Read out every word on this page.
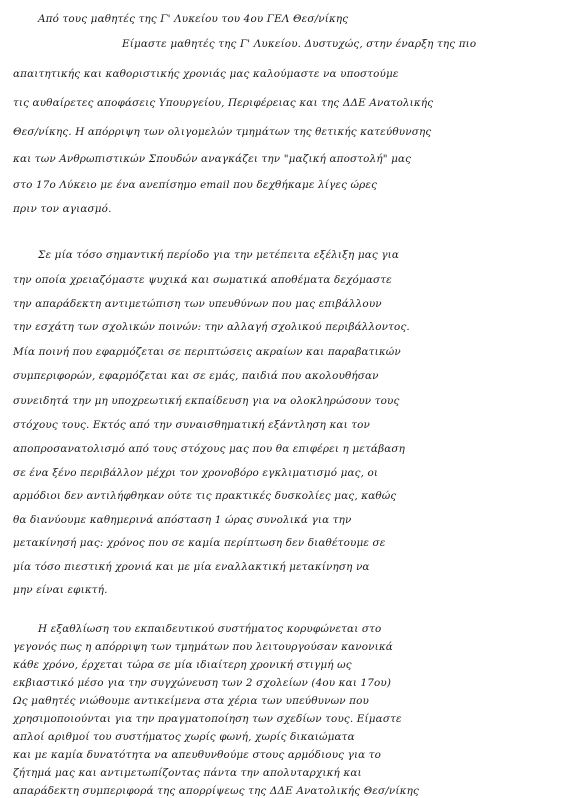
Από τους μαθητές της Γ' Λυκείου του 4ου ΓΕΛ Θεσ/νίκης
Είμαστε μαθητές της Γ' Λυκείου. Δυστυχώς, στην έναρξη της πιο
απαιτητικής και καθοριστικής χρονιάς μας καλούμαστε να υποστούμε
τις αυθαίρετες αποφάσεις Υπουργείου, Περιφέρειας και της ΔΔΕ Ανατολικής
Θεσ/νίκης. Η απόρριψη των ολιγομελών τμημάτων της θετικής κατεύθυνσης
και των Ανθρωπιστικών Σπουδών αναγκάζει την "μαζική αποστολή" μας
στο 17ο Λύκειο με ένα ανεπίσημο email που δεχθήκαμε λίγες ώρες
πριν τον αγιασμό.
Σε μία τόσο σημαντική περίοδο για την μετέπειτα εξέλιξη μας για
την οποία χρειαζόμαστε ψυχικά και σωματικά αποθέματα δεχόμαστε
την απαράδεκτη αντιμετώπιση των υπευθύνων που μας επιβάλλουν
την εσχάτη των σχολικών ποινών: την αλλαγή σχολικού περιβάλλοντος.
Μία ποινή που εφαρμόζεται σε περιπτώσεις ακραίων και παραβατικών
συμπεριφορών, εφαρμόζεται και σε εμάς, παιδιά που ακολουθήσαν
συνειδητά την μη υποχρεωτική εκπαίδευση για να ολοκληρώσουν τους
στόχους τους. Εκτός από την συναισθηματική εξάντληση και τον
αποπροσανατολισμό από τους στόχους μας που θα επιφέρει η μετάβαση
σε ένα ξένο περιβάλλον μέχρι τον χρονοβόρο εγκλιματισμό μας, οι
αρμόδιοι δεν αντιλήφθηκαν ούτε τις πρακτικές δυσκολίες μας, καθώς
θα διανύουμε καθημερινά απόσταση 1 ώρας συνολικά για την
μετακίνησή μας: χρόνος που σε καμία περίπτωση δεν διαθέτουμε σε
μία τόσο πιεστική χρονιά και με μία εναλλακτική μετακίνηση να
μην είναι εφικτή.
Η εξαθλίωση του εκπαιδευτικού συστήματος κορυφώνεται στο
γεγονός πως η απόρριψη των τμημάτων που λειτουργούσαν κανονικά
κάθε χρόνο, έρχεται τώρα σε μία ιδιαίτερη χρονική στιγμή ως
εκβιαστικό μέσο για την συγχώνευση των 2 σχολείων (4ου και 17ου)
Ως μαθητές νιώθουμε αντικείμενα στα χέρια των υπεύθυνων που
χρησιμοποιούνται για την πραγματοποίηση των σχεδίων τους. Είμαστε
απλοί αριθμοί του συστήματος χωρίς φωνή, χωρίς δικαιώματα
και με καμία δυνατότητα να απευθυνθούμε στους αρμόδιους για το
ζήτημά μας και αντιμετωπίζοντας πάντα την απολυταρχική και
απαράδεκτη συμπεριφορά της απορρίψεως της ΔΔΕ Ανατολικής Θεσ/νίκης
